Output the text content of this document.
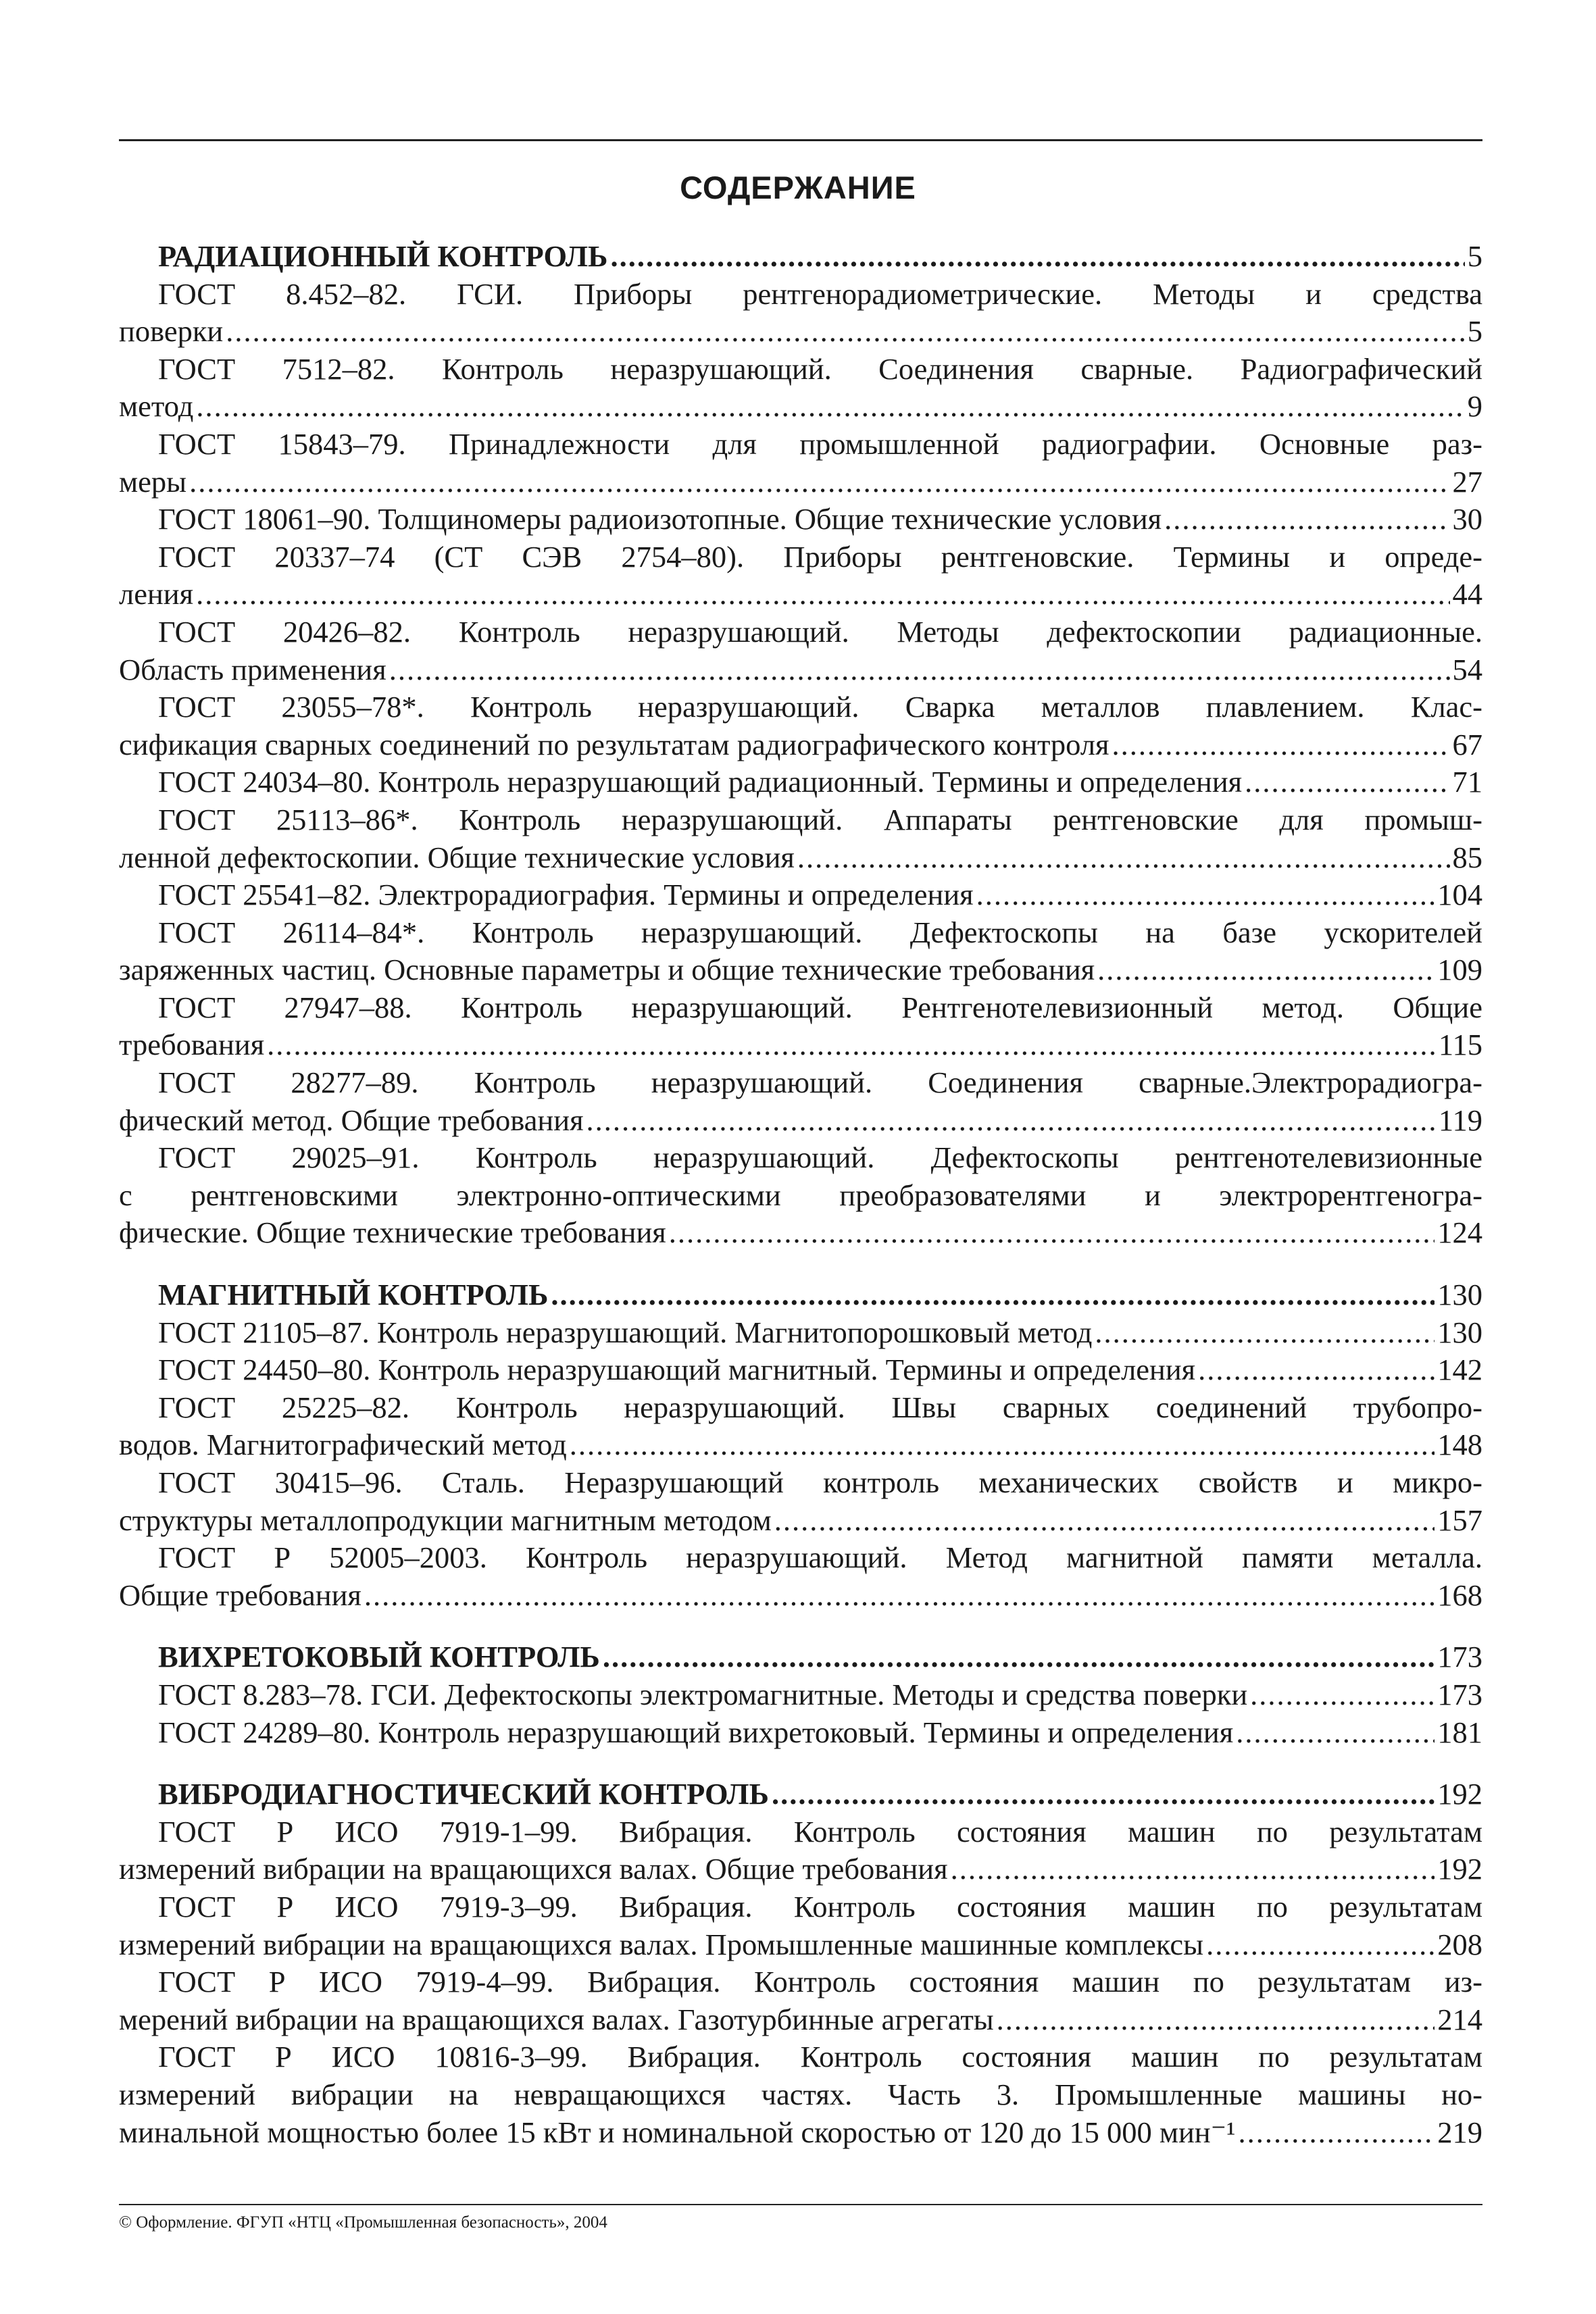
СОДЕРЖАНИЕ
РАДИАЦИОННЫЙ КОНТРОЛЬ .....	5
ГОСТ 8.452–82. ГСИ. Приборы рентгенорадиометрические. Методы и средства
поверки .....	5
ГОСТ 7512–82. Контроль неразрушающий. Соединения сварные. Радиографический
метод .....	9
ГОСТ 15843–79. Принадлежности для промышленной радиографии. Основные раз-
меры .....	27
ГОСТ 18061–90. Толщиномеры радиоизотопные. Общие технические условия .....	30
ГОСТ 20337–74 (СТ СЭВ 2754–80). Приборы рентгеновские. Термины и опреде-
ления .....	44
ГОСТ 20426–82. Контроль неразрушающий. Методы дефектоскопии радиационные.
Область применения .....	54
ГОСТ 23055–78*. Контроль неразрушающий. Сварка металлов плавлением. Клас-
сификация сварных соединений по результатам радиографического контроля .....	67
ГОСТ 24034–80. Контроль неразрушающий радиационный. Термины и определения .....	71
ГОСТ 25113–86*. Контроль неразрушающий. Аппараты рентгеновские для промыш-
ленной дефектоскопии. Общие технические условия .....	85
ГОСТ 25541–82. Электрорадиография. Термины и определения .....	104
ГОСТ 26114–84*. Контроль неразрушающий. Дефектоскопы на базе ускорителей
заряженных частиц. Основные параметры и общие технические требования .....	109
ГОСТ 27947–88. Контроль неразрушающий. Рентгенотелевизионный метод. Общие
требования .....	115
ГОСТ 28277–89. Контроль неразрушающий. Соединения сварные.Электрорадиогра-
фический метод. Общие требования .....	119
ГОСТ 29025–91. Контроль неразрушающий. Дефектоскопы рентгенотелевизионные
с рентгеновскими электронно-оптическими преобразователями и электрорентгеногра-
фические. Общие технические требования .....	124
МАГНИТНЫЙ КОНТРОЛЬ .....	130
ГОСТ 21105–87. Контроль неразрушающий. Магнитопорошковый метод .....	130
ГОСТ 24450–80. Контроль неразрушающий магнитный. Термины и определения .....	142
ГОСТ 25225–82. Контроль неразрушающий. Швы сварных соединений трубопро-
водов. Магнитографический метод .....	148
ГОСТ 30415–96. Сталь. Неразрушающий контроль механических свойств и микро-
структуры металлопродукции магнитным методом .....	157
ГОСТ Р 52005–2003. Контроль неразрушающий. Метод магнитной памяти металла.
Общие требования .....	168
ВИХРЕТОКОВЫЙ КОНТРОЛЬ .....	173
ГОСТ 8.283–78. ГСИ. Дефектоскопы электромагнитные. Методы и средства поверки .....	173
ГОСТ 24289–80. Контроль неразрушающий вихретоковый. Термины и определения .....	181
ВИБРОДИАГНОСТИЧЕСКИЙ КОНТРОЛЬ .....	192
ГОСТ Р ИСО 7919-1–99. Вибрация. Контроль состояния машин по результатам
измерений вибрации на вращающихся валах. Общие требования .....	192
ГОСТ Р ИСО 7919-3–99. Вибрация. Контроль состояния машин по результатам
измерений вибрации на вращающихся валах. Промышленные машинные комплексы .....	208
ГОСТ Р ИСО 7919-4–99. Вибрация. Контроль состояния машин по результатам из-
мерений вибрации на вращающихся валах. Газотурбинные агрегаты .....	214
ГОСТ Р ИСО 10816-3–99. Вибрация. Контроль состояния машин по результатам
измерений вибрации на невращающихся частях. Часть 3. Промышленные машины но-
минальной мощностью более 15 кВт и номинальной скоростью от 120 до 15 000 мин⁻¹ .....	219
© Оформление. ФГУП «НТЦ «Промышленная безопасность», 2004
